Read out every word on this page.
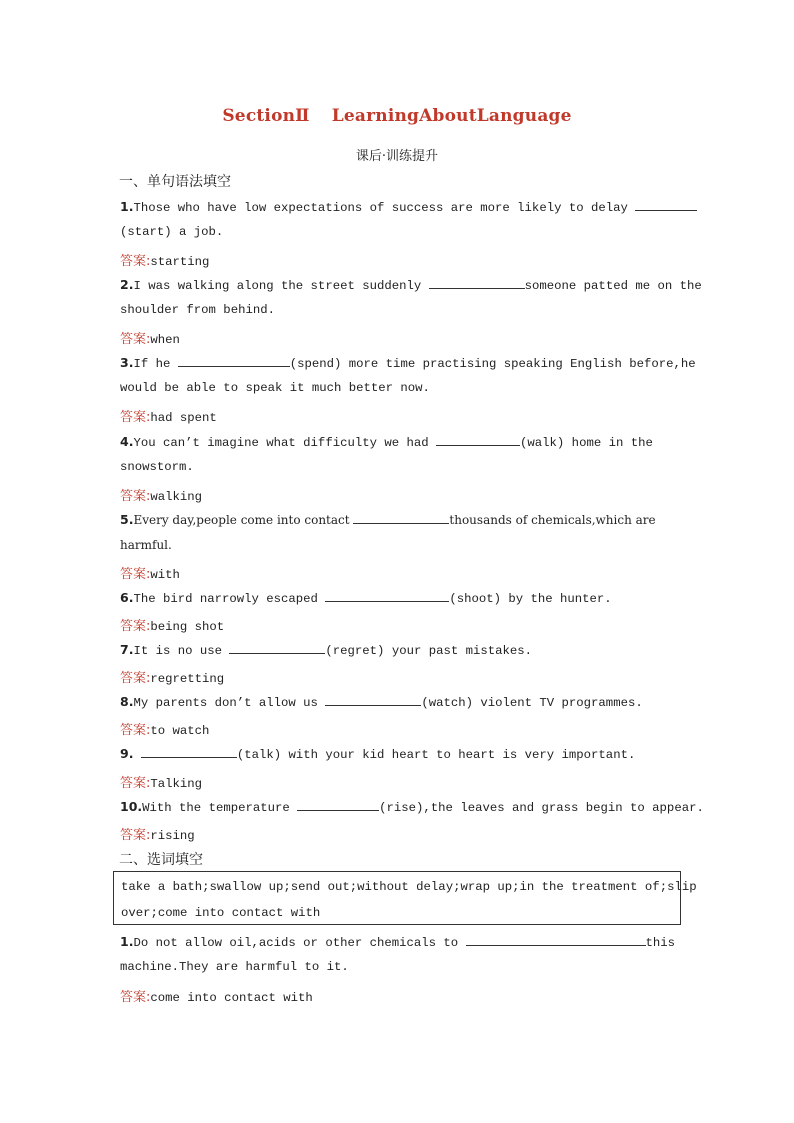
SectionⅡ LearningAboutLanguage
课后·训练提升
一、单句语法填空
1.Those who have low expectations of success are more likely to delay
(start) a job.
答案:starting
2.I was walking along the street suddenly	someone patted me on the
shoulder from behind.
答案:when
3.If he	(spend) more time practising speaking English before,he
would be able to speak it much better now.
答案:had spent
4.You can’t imagine what difficulty we had	(walk) home in the
snowstorm.
答案:walking
5.Every day,people come into contact	thousands of chemicals,which are
harmful.
答案:with
6.The bird narrowly escaped	(shoot) by the hunter.
答案:being shot
7.It is no use	(regret) your past mistakes.
答案:regretting
8.My parents don’t allow us	(watch) violent TV programmes.
答案:to watch
9.	(talk) with your kid heart to heart is very important.
答案:Talking
10.With the temperature	(rise),the leaves and grass begin to appear.
答案:rising
二、选词填空
take a bath;swallow up;send out;without delay;wrap up;in the treatment of;slip
over;come into contact with
1.Do not allow oil,acids or other chemicals to	this
machine.They are harmful to it.
答案:come into contact with
